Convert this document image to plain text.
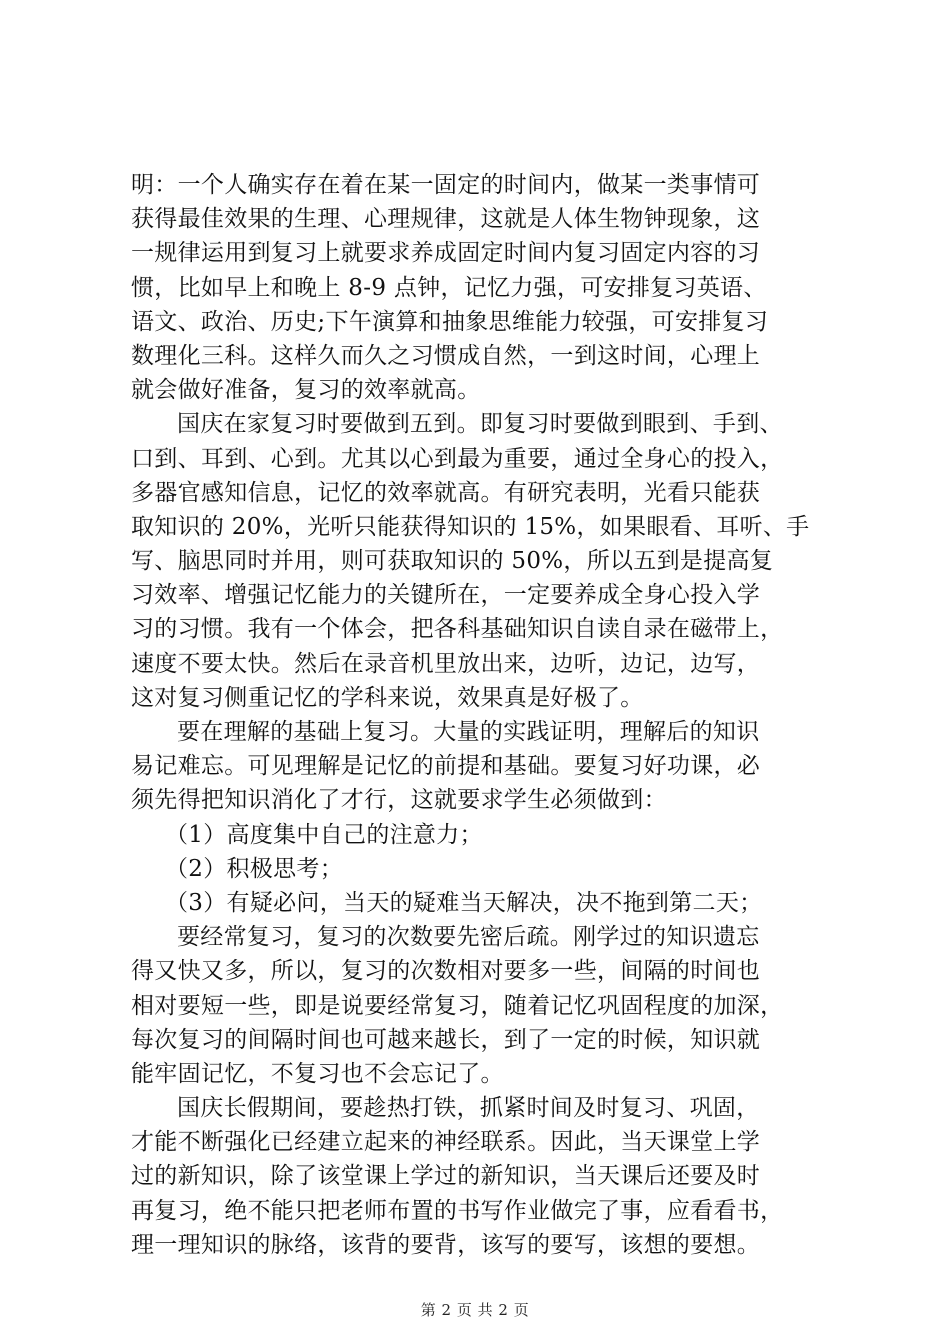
明：一个人确实存在着在某一固定的时间内，做某一类事情可
获得最佳效果的生理、心理规律，这就是人体生物钟现象，这
一规律运用到复习上就要求养成固定时间内复习固定内容的习
惯，比如早上和晚上 8-9 点钟，记忆力强，可安排复习英语、
语文、政治、历史;下午演算和抽象思维能力较强，可安排复习
数理化三科。这样久而久之习惯成自然，一到这时间，心理上
就会做好准备，复习的效率就高。
国庆在家复习时要做到五到。即复习时要做到眼到、手到、
口到、耳到、心到。尤其以心到最为重要，通过全身心的投入，
多器官感知信息，记忆的效率就高。有研究表明，光看只能获
取知识的 20%，光听只能获得知识的 15%，如果眼看、耳听、手
写、脑思同时并用，则可获取知识的 50%，所以五到是提高复
习效率、增强记忆能力的关键所在，一定要养成全身心投入学
习的习惯。我有一个体会，把各科基础知识自读自录在磁带上，
速度不要太快。然后在录音机里放出来，边听，边记，边写，
这对复习侧重记忆的学科来说，效果真是好极了。
要在理解的基础上复习。大量的实践证明，理解后的知识
易记难忘。可见理解是记忆的前提和基础。要复习好功课，必
须先得把知识消化了才行，这就要求学生必须做到：
（1）高度集中自己的注意力；
（2）积极思考；
（3）有疑必问，当天的疑难当天解决，决不拖到第二天；
要经常复习，复习的次数要先密后疏。刚学过的知识遗忘
得又快又多，所以，复习的次数相对要多一些，间隔的时间也
相对要短一些，即是说要经常复习，随着记忆巩固程度的加深，
每次复习的间隔时间也可越来越长，到了一定的时候，知识就
能牢固记忆，不复习也不会忘记了。
国庆长假期间，要趁热打铁，抓紧时间及时复习、巩固，
才能不断强化已经建立起来的神经联系。因此，当天课堂上学
过的新知识，除了该堂课上学过的新知识，当天课后还要及时
再复习，绝不能只把老师布置的书写作业做完了事，应看看书，
理一理知识的脉络，该背的要背，该写的要写，该想的要想。
第 2 页 共 2 页
